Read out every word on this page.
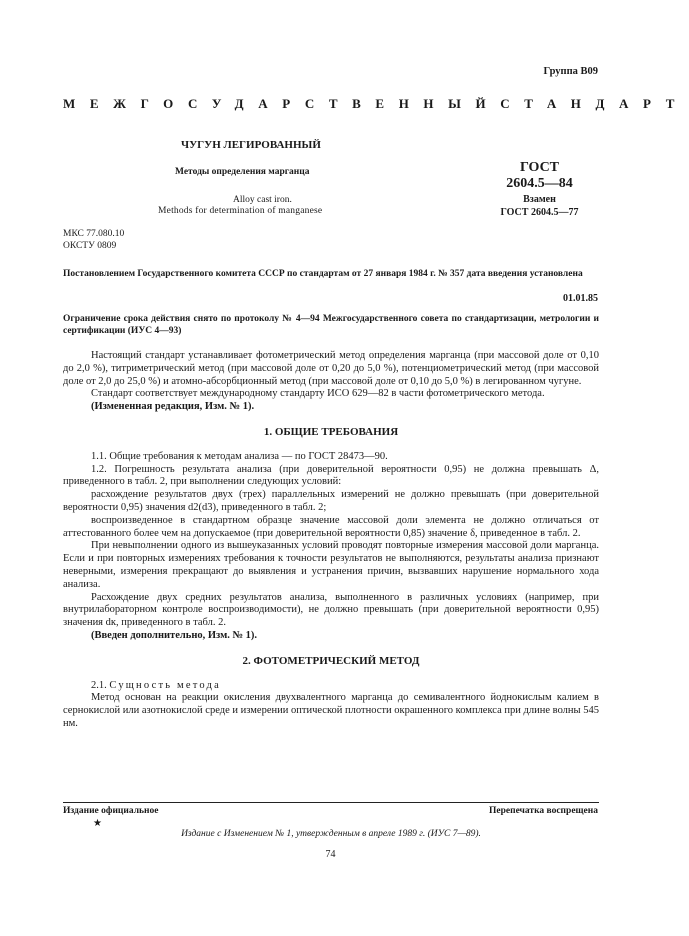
Группа В09
МЕЖГОСУДАРСТВЕННЫЙ СТАНДАРТ
ЧУГУН ЛЕГИРОВАННЫЙ
Методы определения марганца
Alloy cast iron.
Methods for determination of manganese
ГОСТ
2604.5—84
Взамен
ГОСТ 2604.5—77
МКС 77.080.10
ОКСТУ 0809
Постановлением Государственного комитета СССР по стандартам от 27 января 1984 г. № 357 дата введения установлена
01.01.85
Ограничение срока действия снято по протоколу № 4—94 Межгосударственного совета по стандартизации, метрологии и сертификации (ИУС 4—93)

Настоящий стандарт устанавливает фотометрический метод определения марганца (при массовой доле от 0,10 до 2,0 %), титриметрический метод (при массовой доле от 0,20 до 5,0 %), потенциометрический метод (при массовой доле от 2,0 до 25,0 %) и атомно-абсорбционный метод (при массовой доле от 0,10 до 5,0 %) в легированном чугуне.

Стандарт соответствует международному стандарту ИСО 629—82 в части фотометрического метода.

(Измененная редакция, Изм. № 1).

1. ОБЩИЕ ТРЕБОВАНИЯ

1.1. Общие требования к методам анализа — по ГОСТ 28473—90.

1.2. Погрешность результата анализа (при доверительной вероятности 0,95) не должна превышать Δ, приведенного в табл. 2, при выполнении следующих условий:

расхождение результатов двух (трех) параллельных измерений не должно превышать (при доверительной вероятности 0,95) значения d2(d3), приведенного в табл. 2;

воспроизведенное в стандартном образце значение массовой доли элемента не должно отличаться от аттестованного более чем на допускаемое (при доверительной вероятности 0,85) значение δ, приведенное в табл. 2.

При невыполнении одного из вышеуказанных условий проводят повторные измерения массовой доли марганца. Если и при повторных измерениях требования к точности результатов не выполняются, результаты анализа признают неверными, измерения прекращают до выявления и устранения причин, вызвавших нарушение нормального хода анализа.

Расхождение двух средних результатов анализа, выполненного в различных условиях (например, при внутрилабораторном контроле воспроизводимости), не должно превышать (при доверительной вероятности 0,95) значения dк, приведенного в табл. 2.

(Введен дополнительно, Изм. № 1).

2. ФОТОМЕТРИЧЕСКИЙ МЕТОД

2.1. Сущность метода

Метод основан на реакции окисления двухвалентного марганца до семивалентного йоднокислым калием в сернокислой или азотнокислой среде и измерении оптической плотности окрашенного комплекса при длине волны 545 нм.

Издание официальное	Перепечатка воспрещена
★
Издание с Изменением № 1, утвержденным в апреле 1989 г. (ИУС 7—89).
74
